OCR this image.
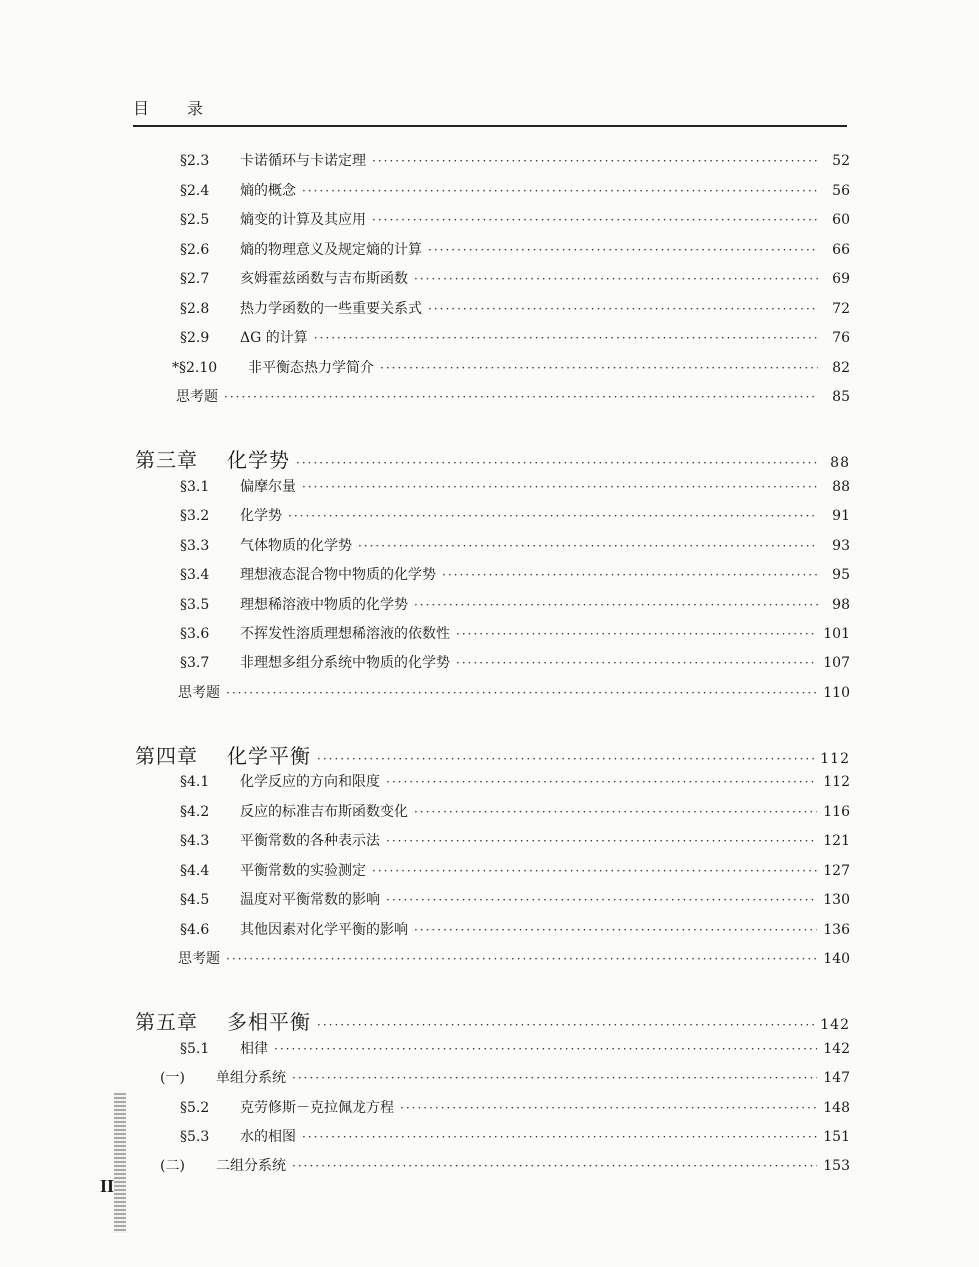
目 录
§2.3	卡诺循环与卡诺定理 ·····	52
§2.4	熵的概念 ·····	56
§2.5	熵变的计算及其应用 ·····	60
§2.6	熵的物理意义及规定熵的计算 ·····	66
§2.7	亥姆霍兹函数与吉布斯函数 ·····	69
§2.8	热力学函数的一些重要关系式 ·····	72
§2.9	ΔG 的计算 ·····	76
*§2.10	非平衡态热力学简介 ·····	82
思考题 ·····	85
第三章	化学势 ·····	88
§3.1	偏摩尔量 ·····	88
§3.2	化学势 ·····	91
§3.3	气体物质的化学势 ·····	93
§3.4	理想液态混合物中物质的化学势 ·····	95
§3.5	理想稀溶液中物质的化学势 ·····	98
§3.6	不挥发性溶质理想稀溶液的依数性 ·····	101
§3.7	非理想多组分系统中物质的化学势 ·····	107
思考题 ·····	110
第四章	化学平衡 ·····	112
§4.1	化学反应的方向和限度 ·····	112
§4.2	反应的标准吉布斯函数变化 ·····	116
§4.3	平衡常数的各种表示法 ·····	121
§4.4	平衡常数的实验测定 ·····	127
§4.5	温度对平衡常数的影响 ·····	130
§4.6	其他因素对化学平衡的影响 ·····	136
思考题 ·····	140
第五章	多相平衡 ·····	142
§5.1	相律 ·····	142
(一)	单组分系统 ·····	147
§5.2	克劳修斯－克拉佩龙方程 ·····	148
§5.3	水的相图 ·····	151
(二)	二组分系统 ·····	153
II
